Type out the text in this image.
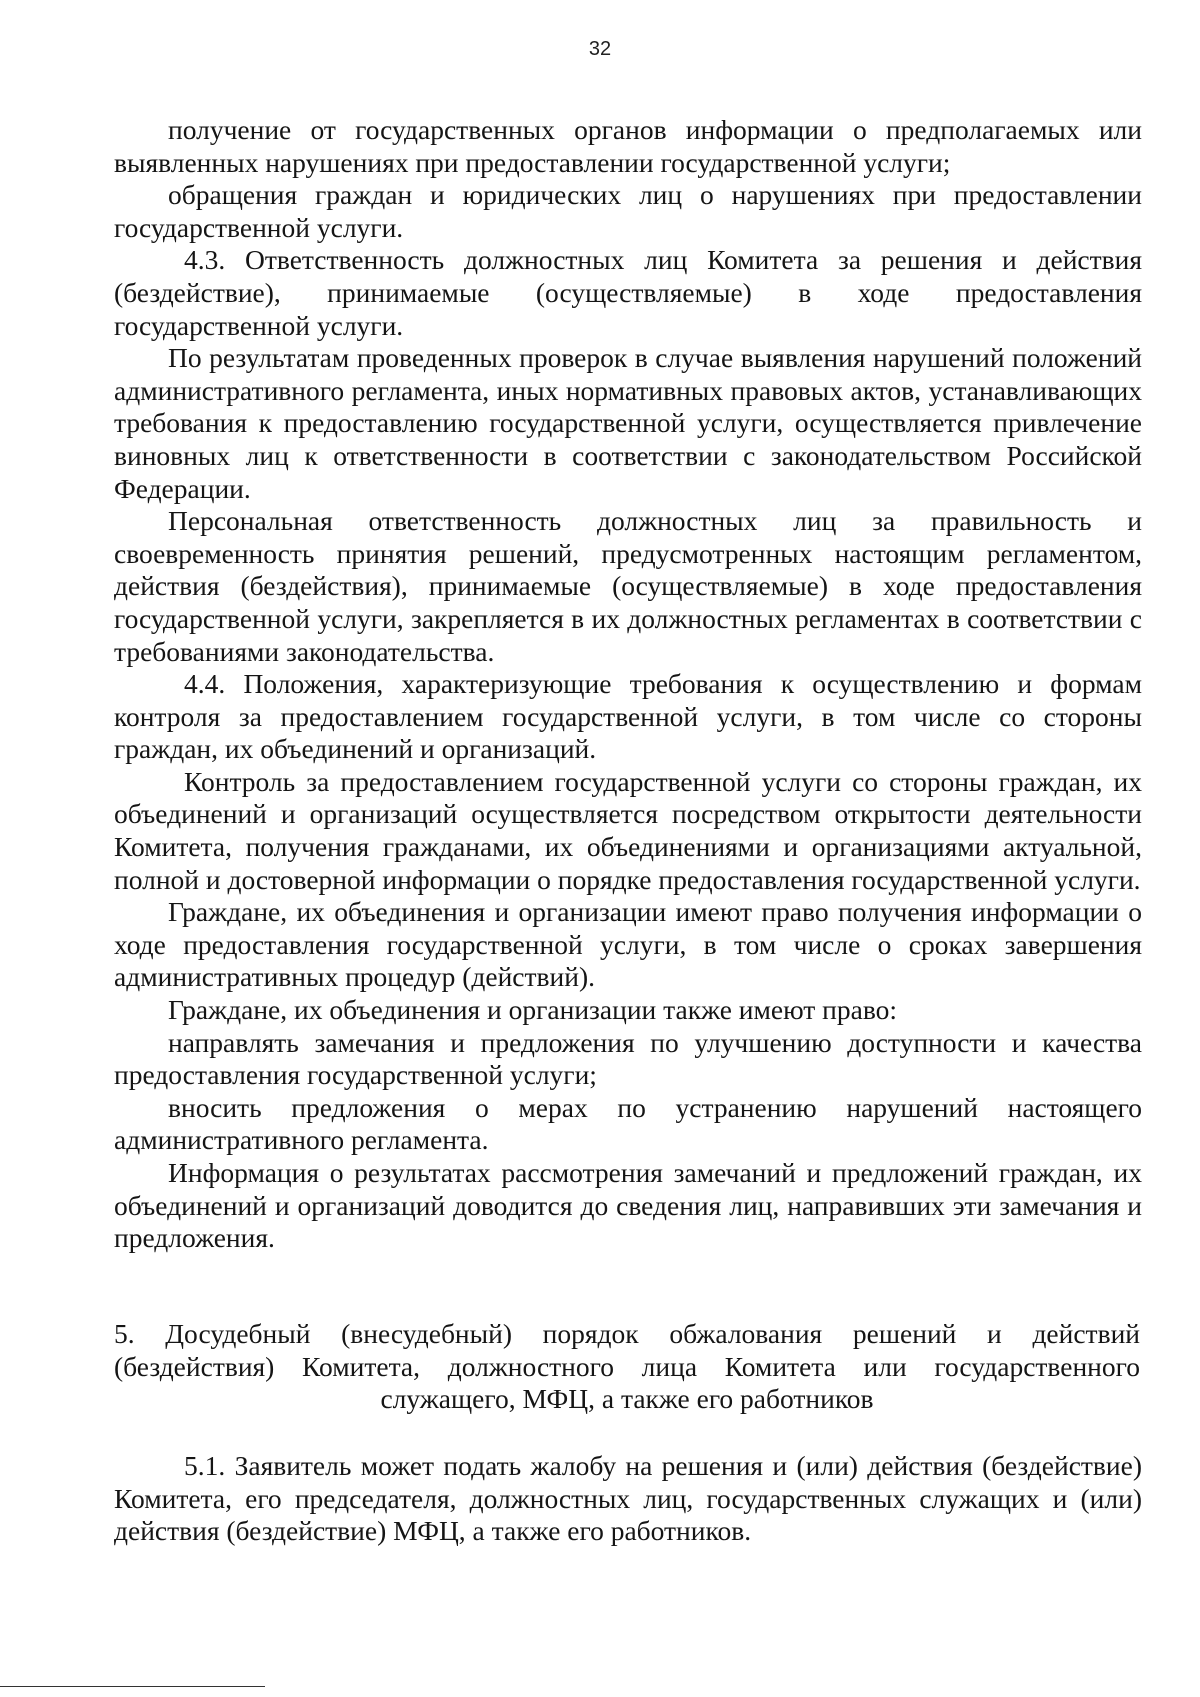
32

получение от государственных органов информации о предполагаемых или выявленных нарушениях при предоставлении государственной услуги;

обращения граждан и юридических лиц о нарушениях при предоставлении государственной услуги.

4.3. Ответственность должностных лиц Комитета за решения и действия (бездействие), принимаемые (осуществляемые) в ходе предоставления государственной услуги.

По результатам проведенных проверок в случае выявления нарушений положений административного регламента, иных нормативных правовых актов, устанавливающих требования к предоставлению государственной услуги, осуществляется привлечение виновных лиц к ответственности в соответствии с законодательством Российской Федерации.

Персональная ответственность должностных лиц за правильность и своевременность принятия решений, предусмотренных настоящим регламентом, действия (бездействия), принимаемые (осуществляемые) в ходе предоставления государственной услуги, закрепляется в их должностных регламентах в соответствии с требованиями законодательства.

4.4. Положения, характеризующие требования к осуществлению и формам контроля за предоставлением государственной услуги, в том числе со стороны граждан, их объединений и организаций.

Контроль за предоставлением государственной услуги со стороны граждан, их объединений и организаций осуществляется посредством открытости деятельности Комитета, получения гражданами, их объединениями и организациями актуальной, полной и достоверной информации о порядке предоставления государственной услуги.

Граждане, их объединения и организации имеют право получения информации о ходе предоставления государственной услуги, в том числе о сроках завершения административных процедур (действий).

Граждане, их объединения и организации также имеют право:

направлять замечания и предложения по улучшению доступности и качества предоставления государственной услуги;

вносить предложения о мерах по устранению нарушений настоящего административного регламента.

Информация о результатах рассмотрения замечаний и предложений граждан, их объединений и организаций доводится до сведения лиц, направивших эти замечания и предложения.

5. Досудебный (внесудебный) порядок обжалования решений и действий (бездействия) Комитета, должностного лица Комитета или государственного служащего, МФЦ, а также его работников

5.1. Заявитель может подать жалобу на решения и (или) действия (бездействие) Комитета, его председателя, должностных лиц, государственных служащих и (или) действия (бездействие) МФЦ, а также его работников.
